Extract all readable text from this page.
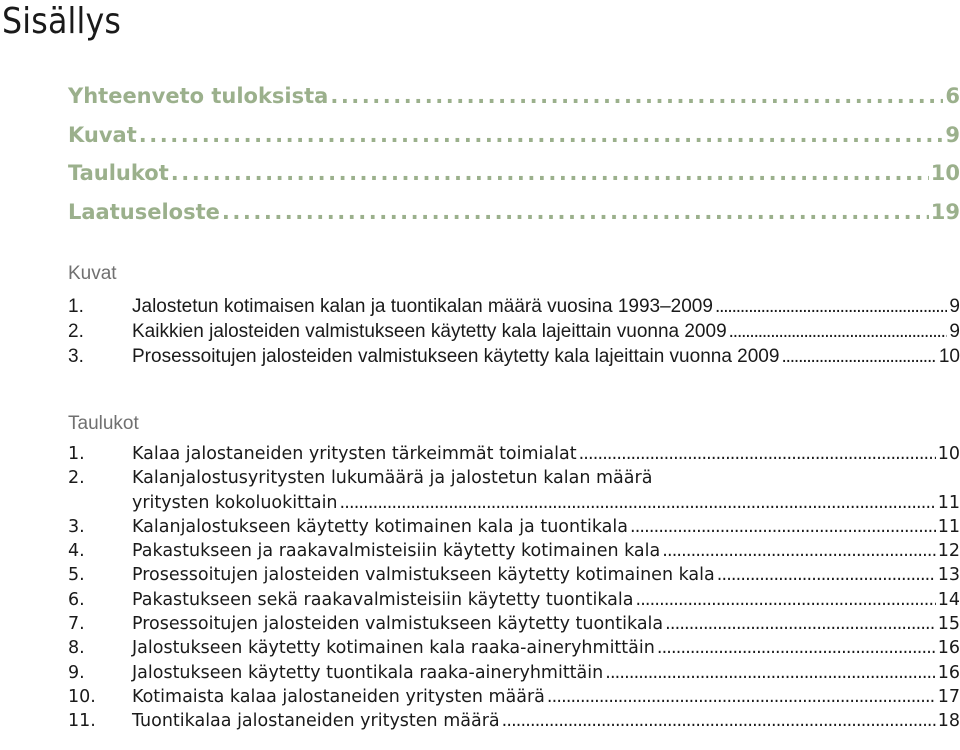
Sisällys
Yhteenveto tuloksista . . .	6
Kuvat . . .	9
Taulukot . . .	10
Laatuseloste . . .	19
Kuvat
1.	Jalostetun kotimaisen kalan ja tuontikalan määrä vuosina 1993–2009 . . .	9
2.	Kaikkien jalosteiden valmistukseen käytetty kala lajeittain vuonna 2009 . . .	9
3.	Prosessoitujen jalosteiden valmistukseen käytetty kala lajeittain vuonna 2009 . . .	10
Taulukot
1.	Kalaa jalostaneiden yritysten tärkeimmät toimialat . . .	10
2.	Kalanjalostusyritysten lukumäärä ja jalostetun kalan määrä
yritysten kokoluokittain . . .	11
3.	Kalanjalostukseen käytetty kotimainen kala ja tuontikala . . .	11
4.	Pakastukseen ja raakavalmisteisiin käytetty kotimainen kala . . .	12
5.	Prosessoitujen jalosteiden valmistukseen käytetty kotimainen kala . . .	13
6.	Pakastukseen sekä raakavalmisteisiin käytetty tuontikala . . .	14
7.	Prosessoitujen jalosteiden valmistukseen käytetty tuontikala . . .	15
8.	Jalostukseen käytetty kotimainen kala raaka-aineryhmittäin . . .	16
9.	Jalostukseen käytetty tuontikala raaka-aineryhmittäin . . .	16
10.	Kotimaista kalaa jalostaneiden yritysten määrä . . .	17
11.	Tuontikalaa jalostaneiden yritysten määrä . . .	18
